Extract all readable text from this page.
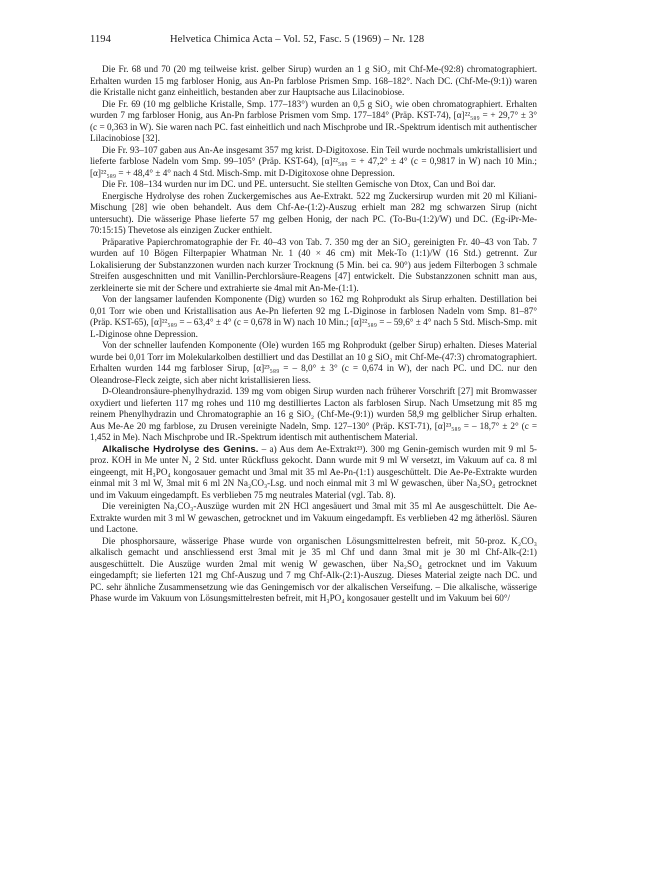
1194	Helvetica Chimica Acta – Vol. 52, Fasc. 5 (1969) – Nr. 128

Die Fr. 68 und 70 (20 mg teilweise krist. gelber Sirup) wurden an 1 g SiO₂ mit Chf-Me-(92:8) chromatographiert. Erhalten wurden 15 mg farbloser Honig, aus An-Pn farblose Prismen Smp. 168–182°. Nach DC. (Chf-Me-(9:1)) waren die Kristalle nicht ganz einheitlich, bestanden aber zur Hauptsache aus Lilacinobiose.

Die Fr. 69 (10 mg gelbliche Kristalle, Smp. 177–183°) wurden an 0,5 g SiO₂ wie oben chromatographiert. Erhalten wurden 7 mg farbloser Honig, aus An-Pn farblose Prismen vom Smp. 177–184° (Präp. KST-74), [α]²²₅₈₉ = + 29,7° ± 3° (c = 0,363 in W). Sie waren nach PC. fast einheitlich und nach Mischprobe und IR.-Spektrum identisch mit authentischer Lilacinobiose [32].

Die Fr. 93–107 gaben aus An-Ae insgesamt 357 mg krist. D-Digitoxose. Ein Teil wurde nochmals umkristallisiert und lieferte farblose Nadeln vom Smp. 99–105° (Präp. KST-64), [α]²²₅₈₉ = + 47,2° ± 4° (c = 0,9817 in W) nach 10 Min.; [α]²²₅₈₉ = + 48,4° ± 4° nach 4 Std. Misch-Smp. mit D-Digitoxose ohne Depression.

Die Fr. 108–134 wurden nur im DC. und PE. untersucht. Sie stellten Gemische von Dtox, Can und Boi dar.

Energische Hydrolyse des rohen Zuckergemisches aus Ae-Extrakt. 522 mg Zuckersirup wurden mit 20 ml Kiliani-Mischung [28] wie oben behandelt. Aus dem Chf-Ae-(1:2)-Auszug erhielt man 282 mg schwarzen Sirup (nicht untersucht). Die wässerige Phase lieferte 57 mg gelben Honig, der nach PC. (To-Bu-(1:2)/W) und DC. (Eg-iPr-Me-70:15:15) Thevetose als einzigen Zucker enthielt.

Präparative Papierchromatographie der Fr. 40–43 von Tab. 7. 350 mg der an SiO₂ gereinigten Fr. 40–43 von Tab. 7 wurden auf 10 Bögen Filterpapier Whatman Nr. 1 (40 × 46 cm) mit Mek-To (1:1)/W (16 Std.) getrennt. Zur Lokalisierung der Substanzzonen wurden nach kurzer Trocknung (5 Min. bei ca. 90°) aus jedem Filterbogen 3 schmale Streifen ausgeschnitten und mit Vanillin-Perchlorsäure-Reagens [47] entwickelt. Die Substanzzonen schnitt man aus, zerkleinerte sie mit der Schere und extrahierte sie 4mal mit An-Me-(1:1).

Von der langsamer laufenden Komponente (Dig) wurden so 162 mg Rohprodukt als Sirup erhalten. Destillation bei 0,01 Torr wie oben und Kristallisation aus Ae-Pn lieferten 92 mg L-Diginose in farblosen Nadeln vom Smp. 81–87° (Präp. KST-65), [α]²²₅₈₉ = – 63,4° ± 4° (c = 0,678 in W) nach 10 Min.; [α]²²₅₈₉ = – 59,6° ± 4° nach 5 Std. Misch-Smp. mit L-Diginose ohne Depression.

Von der schneller laufenden Komponente (Ole) wurden 165 mg Rohprodukt (gelber Sirup) erhalten. Dieses Material wurde bei 0,01 Torr im Molekularkolben destilliert und das Destillat an 10 g SiO₂ mit Chf-Me-(47:3) chromatographiert. Erhalten wurden 144 mg farbloser Sirup, [α]²³₅₈₉ = – 8,0° ± 3° (c = 0,674 in W), der nach PC. und DC. nur den Oleandrose-Fleck zeigte, sich aber nicht kristallisieren liess.

D-Oleandronsäure-phenylhydrazid. 139 mg vom obigen Sirup wurden nach früherer Vorschrift [27] mit Bromwasser oxydiert und lieferten 117 mg rohes und 110 mg destilliertes Lacton als farblosen Sirup. Nach Umsetzung mit 85 mg reinem Phenylhydrazin und Chromatographie an 16 g SiO₂ (Chf-Me-(9:1)) wurden 58,9 mg gelblicher Sirup erhalten. Aus Me-Ae 20 mg farblose, zu Drusen vereinigte Nadeln, Smp. 127–130° (Präp. KST-71), [α]²³₅₈₉ = – 18,7° ± 2° (c = 1,452 in Me). Nach Mischprobe und IR.-Spektrum identisch mit authentischem Material.

Alkalische Hydrolyse des Genins. – a) Aus dem Ae-Extrakt²³). 300 mg Genin-gemisch wurden mit 9 ml 5-proz. KOH in Me unter N₂ 2 Std. unter Rückfluss gekocht. Dann wurde mit 9 ml W versetzt, im Vakuum auf ca. 8 ml eingeengt, mit H₃PO₄ kongosauer gemacht und 3mal mit 35 ml Ae-Pn-(1:1) ausgeschüttelt. Die Ae-Pe-Extrakte wurden einmal mit 3 ml W, 3mal mit 6 ml 2N Na₂CO₃-Lsg. und noch einmal mit 3 ml W gewaschen, über Na₂SO₄ getrocknet und im Vakuum eingedampft. Es verblieben 75 mg neutrales Material (vgl. Tab. 8).

Die vereinigten Na₂CO₃-Auszüge wurden mit 2N HCl angesäuert und 3mal mit 35 ml Ae ausgeschüttelt. Die Ae-Extrakte wurden mit 3 ml W gewaschen, getrocknet und im Vakuum eingedampft. Es verblieben 42 mg ätherlösl. Säuren und Lactone.

Die phosphorsaure, wässerige Phase wurde von organischen Lösungsmittelresten befreit, mit 50-proz. K₂CO₃ alkalisch gemacht und anschliessend erst 3mal mit je 35 ml Chf und dann 3mal mit je 30 ml Chf-Alk-(2:1) ausgeschüttelt. Die Auszüge wurden 2mal mit wenig W gewaschen, über Na₂SO₄ getrocknet und im Vakuum eingedampft; sie lieferten 121 mg Chf-Auszug und 7 mg Chf-Alk-(2:1)-Auszug. Dieses Material zeigte nach DC. und PC. sehr ähnliche Zusammensetzung wie das Geningemisch vor der alkalischen Verseifung. – Die alkalische, wässerige Phase wurde im Vakuum von Lösungsmittelresten befreit, mit H₃PO₄ kongosauer gestellt und im Vakuum bei 60°/
